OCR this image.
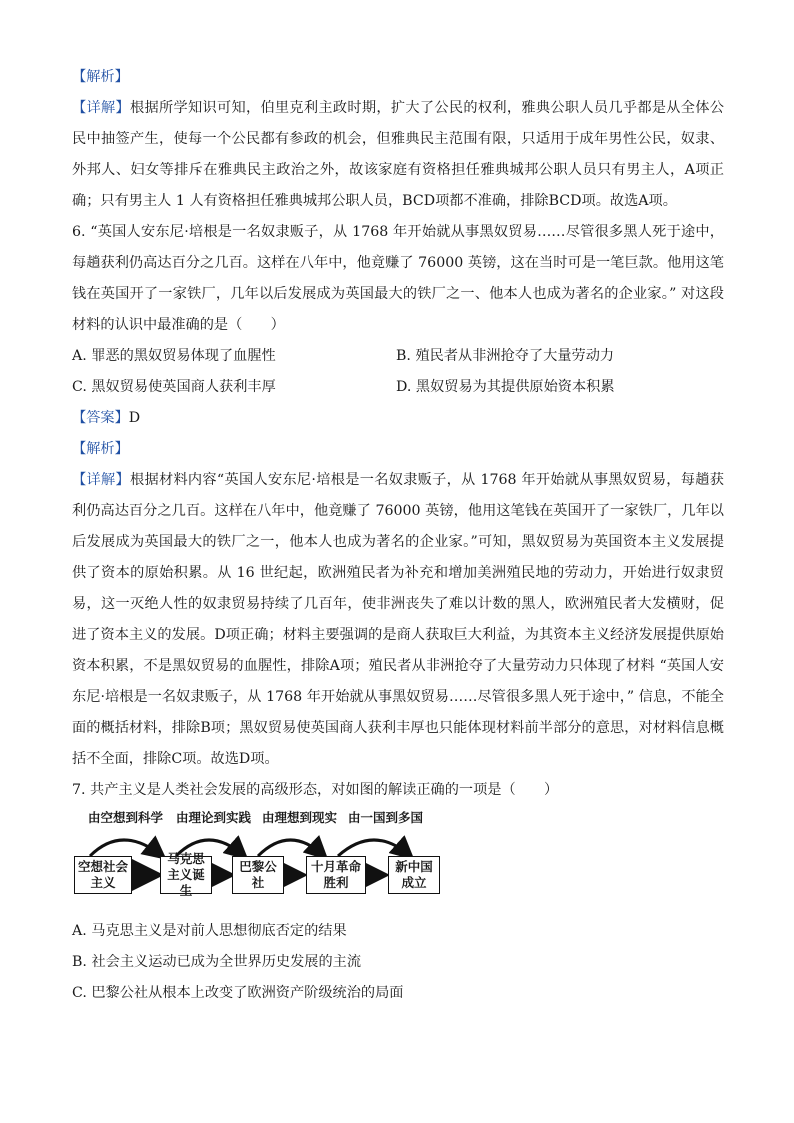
【解析】

【详解】根据所学知识可知，伯里克利主政时期，扩大了公民的权利，雅典公职人员几乎都是从全体公民中抽签产生，使每一个公民都有参政的机会，但雅典民主范围有限，只适用于成年男性公民，奴隶、外邦人、妇女等排斥在雅典民主政治之外，故该家庭有资格担任雅典城邦公职人员只有男主人，A项正确；只有男主人 1 人有资格担任雅典城邦公职人员，BCD项都不准确，排除BCD项。故选A项。

6. “英国人安东尼·培根是一名奴隶贩子，从 1768 年开始就从事黑奴贸易……尽管很多黑人死于途中，每趟获利仍高达百分之几百。这样在八年中，他竟赚了 76000 英镑，这在当时可是一笔巨款。他用这笔钱在英国开了一家铁厂，几年以后发展成为英国最大的铁厂之一、他本人也成为著名的企业家。” 对这段材料的认识中最准确的是（　　）

A. 罪恶的黑奴贸易体现了血腥性	B. 殖民者从非洲抢夺了大量劳动力
C. 黑奴贸易使英国商人获利丰厚	D. 黑奴贸易为其提供原始资本积累

【答案】D

【解析】

【详解】根据材料内容“英国人安东尼·培根是一名奴隶贩子，从 1768 年开始就从事黑奴贸易，每趟获利仍高达百分之几百。这样在八年中，他竟赚了 76000 英镑，他用这笔钱在英国开了一家铁厂，几年以后发展成为英国最大的铁厂之一，他本人也成为著名的企业家。”可知，黑奴贸易为英国资本主义发展提供了资本的原始积累。从 16 世纪起，欧洲殖民者为补充和增加美洲殖民地的劳动力，开始进行奴隶贸易，这一灭绝人性的奴隶贸易持续了几百年，使非洲丧失了难以计数的黑人，欧洲殖民者大发横财，促进了资本主义的发展。D项正确；材料主要强调的是商人获取巨大利益，为其资本主义经济发展提供原始资本积累，不是黑奴贸易的血腥性，排除A项；殖民者从非洲抢夺了大量劳动力只体现了材料 “英国人安东尼·培根是一名奴隶贩子，从 1768 年开始就从事黑奴贸易……尽管很多黑人死于途中，” 信息，不能全面的概括材料，排除B项；黑奴贸易使英国商人获利丰厚也只能体现材料前半部分的意思，对材料信息概括不全面，排除C项。故选D项。

7. 共产主义是人类社会发展的高级形态，对如图的解读正确的一项是（　　）

由空想到科学 由理论到实践 由理想到现实 由一国到多国
空想社会主义
马克思主义诞生
巴黎公社
十月革命胜利
新中国成立
A. 马克思主义是对前人思想彻底否定的结果
B. 社会主义运动已成为全世界历史发展的主流
C. 巴黎公社从根本上改变了欧洲资产阶级统治的局面
